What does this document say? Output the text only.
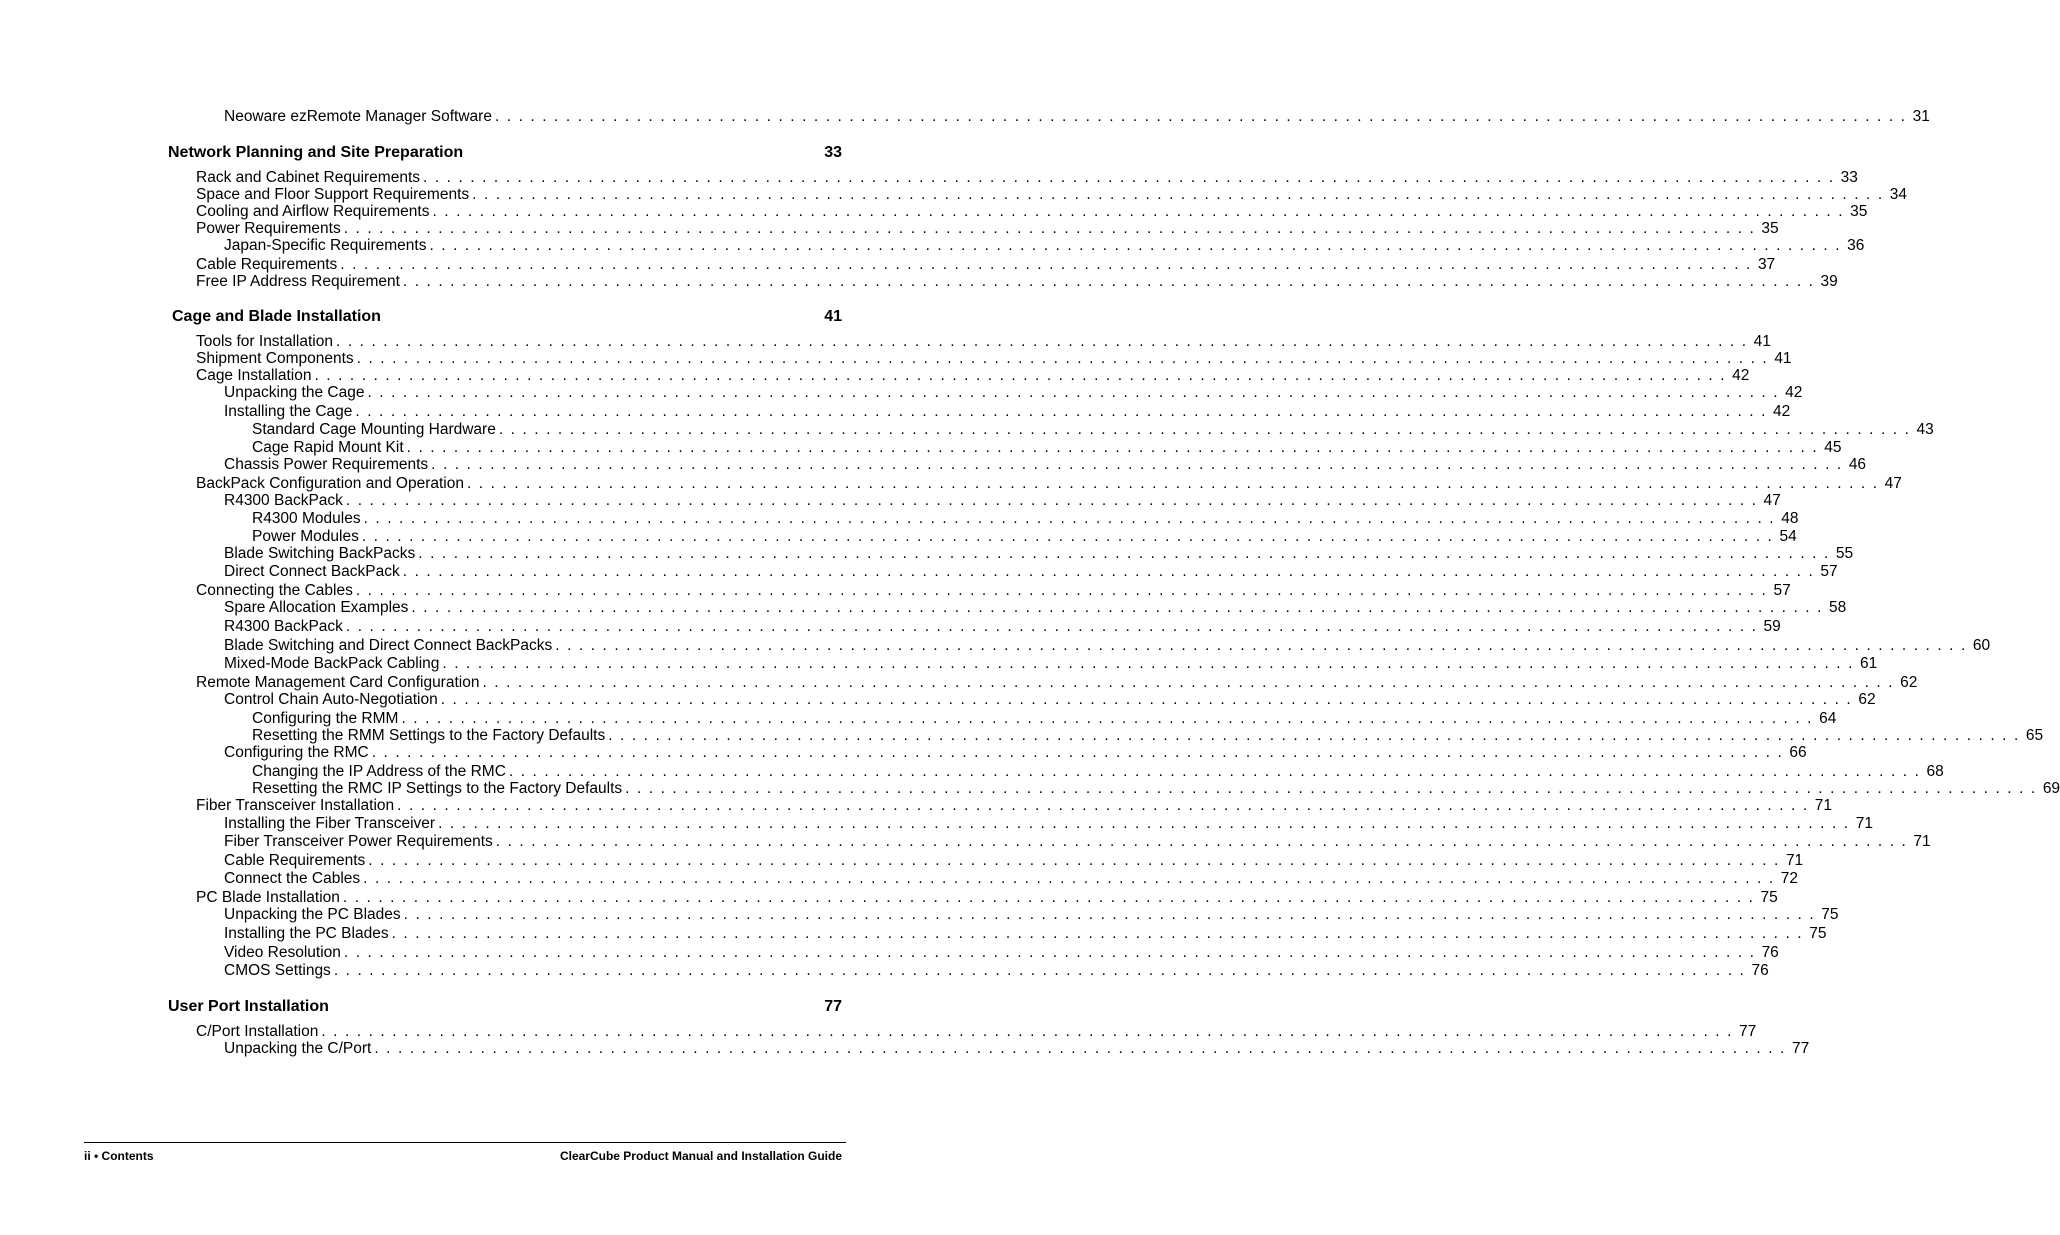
Neoware ezRemote Manager Software . . . . . . . . . . . . . . . . . . . . . . . . . . . . . . . . . . . . . . . . . . . . . . . . . . . . . . . . . . . . . . . . . . . . . . . . . . . . . . . . . . . . . . . . . . . . . . . . . . . . . . . . . . . . . . . . . . . . . . . . 31
Network Planning and Site Preparation	33
Rack and Cabinet Requirements . . . . . . . . . . . . . . . . . . . . . . . . . . . . . . . . . . . . . . . . . . . . . . . . . . . . . . . . . . . . . . . . . . . . . . . . . . . . . . . . . . . . . . . . . . . . . . . . . . . . . . . . . . . . . . . . . . . . . . . . 33
Space and Floor Support Requirements . . . . . . . . . . . . . . . . . . . . . . . . . . . . . . . . . . . . . . . . . . . . . . . . . . . . . . . . . . . . . . . . . . . . . . . . . . . . . . . . . . . . . . . . . . . . . . . . . . . . . . . . . . . . . . . . . . . . . . . . 34
Cooling and Airflow Requirements . . . . . . . . . . . . . . . . . . . . . . . . . . . . . . . . . . . . . . . . . . . . . . . . . . . . . . . . . . . . . . . . . . . . . . . . . . . . . . . . . . . . . . . . . . . . . . . . . . . . . . . . . . . . . . . . . . . . . . . . 35
Power Requirements . . . . . . . . . . . . . . . . . . . . . . . . . . . . . . . . . . . . . . . . . . . . . . . . . . . . . . . . . . . . . . . . . . . . . . . . . . . . . . . . . . . . . . . . . . . . . . . . . . . . . . . . . . . . . . . . . . . . . . . . 35
Japan-Specific Requirements . . . . . . . . . . . . . . . . . . . . . . . . . . . . . . . . . . . . . . . . . . . . . . . . . . . . . . . . . . . . . . . . . . . . . . . . . . . . . . . . . . . . . . . . . . . . . . . . . . . . . . . . . . . . . . . . . . . . . . . . 36
Cable Requirements . . . . . . . . . . . . . . . . . . . . . . . . . . . . . . . . . . . . . . . . . . . . . . . . . . . . . . . . . . . . . . . . . . . . . . . . . . . . . . . . . . . . . . . . . . . . . . . . . . . . . . . . . . . . . . . . . . . . . . . . 37
Free IP Address Requirement . . . . . . . . . . . . . . . . . . . . . . . . . . . . . . . . . . . . . . . . . . . . . . . . . . . . . . . . . . . . . . . . . . . . . . . . . . . . . . . . . . . . . . . . . . . . . . . . . . . . . . . . . . . . . . . . . . . . . . . . 39
Cage and Blade Installation	41
Tools for Installation . . . . . . . . . . . . . . . . . . . . . . . . . . . . . . . . . . . . . . . . . . . . . . . . . . . . . . . . . . . . . . . . . . . . . . . . . . . . . . . . . . . . . . . . . . . . . . . . . . . . . . . . . . . . . . . . . . . . . . . . 41
Shipment Components . . . . . . . . . . . . . . . . . . . . . . . . . . . . . . . . . . . . . . . . . . . . . . . . . . . . . . . . . . . . . . . . . . . . . . . . . . . . . . . . . . . . . . . . . . . . . . . . . . . . . . . . . . . . . . . . . . . . . . . . 41
Cage Installation . . . . . . . . . . . . . . . . . . . . . . . . . . . . . . . . . . . . . . . . . . . . . . . . . . . . . . . . . . . . . . . . . . . . . . . . . . . . . . . . . . . . . . . . . . . . . . . . . . . . . . . . . . . . . . . . . . . . . . . . 42
Unpacking the Cage . . . . . . . . . . . . . . . . . . . . . . . . . . . . . . . . . . . . . . . . . . . . . . . . . . . . . . . . . . . . . . . . . . . . . . . . . . . . . . . . . . . . . . . . . . . . . . . . . . . . . . . . . . . . . . . . . . . . . . . . 42
Installing the Cage . . . . . . . . . . . . . . . . . . . . . . . . . . . . . . . . . . . . . . . . . . . . . . . . . . . . . . . . . . . . . . . . . . . . . . . . . . . . . . . . . . . . . . . . . . . . . . . . . . . . . . . . . . . . . . . . . . . . . . . . 42
Standard Cage Mounting Hardware . . . . . . . . . . . . . . . . . . . . . . . . . . . . . . . . . . . . . . . . . . . . . . . . . . . . . . . . . . . . . . . . . . . . . . . . . . . . . . . . . . . . . . . . . . . . . . . . . . . . . . . . . . . . . . . . . . . . . . . . 43
Cage Rapid Mount Kit . . . . . . . . . . . . . . . . . . . . . . . . . . . . . . . . . . . . . . . . . . . . . . . . . . . . . . . . . . . . . . . . . . . . . . . . . . . . . . . . . . . . . . . . . . . . . . . . . . . . . . . . . . . . . . . . . . . . . . . . 45
Chassis Power Requirements . . . . . . . . . . . . . . . . . . . . . . . . . . . . . . . . . . . . . . . . . . . . . . . . . . . . . . . . . . . . . . . . . . . . . . . . . . . . . . . . . . . . . . . . . . . . . . . . . . . . . . . . . . . . . . . . . . . . . . . . 46
BackPack Configuration and Operation . . . . . . . . . . . . . . . . . . . . . . . . . . . . . . . . . . . . . . . . . . . . . . . . . . . . . . . . . . . . . . . . . . . . . . . . . . . . . . . . . . . . . . . . . . . . . . . . . . . . . . . . . . . . . . . . . . . . . . . . 47
R4300 BackPack . . . . . . . . . . . . . . . . . . . . . . . . . . . . . . . . . . . . . . . . . . . . . . . . . . . . . . . . . . . . . . . . . . . . . . . . . . . . . . . . . . . . . . . . . . . . . . . . . . . . . . . . . . . . . . . . . . . . . . . . 47
R4300 Modules . . . . . . . . . . . . . . . . . . . . . . . . . . . . . . . . . . . . . . . . . . . . . . . . . . . . . . . . . . . . . . . . . . . . . . . . . . . . . . . . . . . . . . . . . . . . . . . . . . . . . . . . . . . . . . . . . . . . . . . . 48
Power Modules . . . . . . . . . . . . . . . . . . . . . . . . . . . . . . . . . . . . . . . . . . . . . . . . . . . . . . . . . . . . . . . . . . . . . . . . . . . . . . . . . . . . . . . . . . . . . . . . . . . . . . . . . . . . . . . . . . . . . . . . 54
Blade Switching BackPacks . . . . . . . . . . . . . . . . . . . . . . . . . . . . . . . . . . . . . . . . . . . . . . . . . . . . . . . . . . . . . . . . . . . . . . . . . . . . . . . . . . . . . . . . . . . . . . . . . . . . . . . . . . . . . . . . . . . . . . . . 55
Direct Connect BackPack . . . . . . . . . . . . . . . . . . . . . . . . . . . . . . . . . . . . . . . . . . . . . . . . . . . . . . . . . . . . . . . . . . . . . . . . . . . . . . . . . . . . . . . . . . . . . . . . . . . . . . . . . . . . . . . . . . . . . . . . 57
Connecting the Cables . . . . . . . . . . . . . . . . . . . . . . . . . . . . . . . . . . . . . . . . . . . . . . . . . . . . . . . . . . . . . . . . . . . . . . . . . . . . . . . . . . . . . . . . . . . . . . . . . . . . . . . . . . . . . . . . . . . . . . . . 57
Spare Allocation Examples . . . . . . . . . . . . . . . . . . . . . . . . . . . . . . . . . . . . . . . . . . . . . . . . . . . . . . . . . . . . . . . . . . . . . . . . . . . . . . . . . . . . . . . . . . . . . . . . . . . . . . . . . . . . . . . . . . . . . . . . 58
R4300 BackPack . . . . . . . . . . . . . . . . . . . . . . . . . . . . . . . . . . . . . . . . . . . . . . . . . . . . . . . . . . . . . . . . . . . . . . . . . . . . . . . . . . . . . . . . . . . . . . . . . . . . . . . . . . . . . . . . . . . . . . . . 59
Blade Switching and Direct Connect BackPacks . . . . . . . . . . . . . . . . . . . . . . . . . . . . . . . . . . . . . . . . . . . . . . . . . . . . . . . . . . . . . . . . . . . . . . . . . . . . . . . . . . . . . . . . . . . . . . . . . . . . . . . . . . . . . . . . . . . . . . . . 60
Mixed-Mode BackPack Cabling . . . . . . . . . . . . . . . . . . . . . . . . . . . . . . . . . . . . . . . . . . . . . . . . . . . . . . . . . . . . . . . . . . . . . . . . . . . . . . . . . . . . . . . . . . . . . . . . . . . . . . . . . . . . . . . . . . . . . . . . 61
Remote Management Card Configuration . . . . . . . . . . . . . . . . . . . . . . . . . . . . . . . . . . . . . . . . . . . . . . . . . . . . . . . . . . . . . . . . . . . . . . . . . . . . . . . . . . . . . . . . . . . . . . . . . . . . . . . . . . . . . . . . . . . . . . . . 62
Control Chain Auto-Negotiation . . . . . . . . . . . . . . . . . . . . . . . . . . . . . . . . . . . . . . . . . . . . . . . . . . . . . . . . . . . . . . . . . . . . . . . . . . . . . . . . . . . . . . . . . . . . . . . . . . . . . . . . . . . . . . . . . . . . . . . . 62
Configuring the RMM . . . . . . . . . . . . . . . . . . . . . . . . . . . . . . . . . . . . . . . . . . . . . . . . . . . . . . . . . . . . . . . . . . . . . . . . . . . . . . . . . . . . . . . . . . . . . . . . . . . . . . . . . . . . . . . . . . . . . . . . 64
Resetting the RMM Settings to the Factory Defaults . . . . . . . . . . . . . . . . . . . . . . . . . . . . . . . . . . . . . . . . . . . . . . . . . . . . . . . . . . . . . . . . . . . . . . . . . . . . . . . . . . . . . . . . . . . . . . . . . . . . . . . . . . . . . . . . . . . . . . . . 65
Configuring the RMC . . . . . . . . . . . . . . . . . . . . . . . . . . . . . . . . . . . . . . . . . . . . . . . . . . . . . . . . . . . . . . . . . . . . . . . . . . . . . . . . . . . . . . . . . . . . . . . . . . . . . . . . . . . . . . . . . . . . . . . . 66
Changing the IP Address of the RMC . . . . . . . . . . . . . . . . . . . . . . . . . . . . . . . . . . . . . . . . . . . . . . . . . . . . . . . . . . . . . . . . . . . . . . . . . . . . . . . . . . . . . . . . . . . . . . . . . . . . . . . . . . . . . . . . . . . . . . . . 68
Resetting the RMC IP Settings to the Factory Defaults . . . . . . . . . . . . . . . . . . . . . . . . . . . . . . . . . . . . . . . . . . . . . . . . . . . . . . . . . . . . . . . . . . . . . . . . . . . . . . . . . . . . . . . . . . . . . . . . . . . . . . . . . . . . . . . . . . . . . . . . 69
Fiber Transceiver Installation . . . . . . . . . . . . . . . . . . . . . . . . . . . . . . . . . . . . . . . . . . . . . . . . . . . . . . . . . . . . . . . . . . . . . . . . . . . . . . . . . . . . . . . . . . . . . . . . . . . . . . . . . . . . . . . . . . . . . . . . 71
Installing the Fiber Transceiver . . . . . . . . . . . . . . . . . . . . . . . . . . . . . . . . . . . . . . . . . . . . . . . . . . . . . . . . . . . . . . . . . . . . . . . . . . . . . . . . . . . . . . . . . . . . . . . . . . . . . . . . . . . . . . . . . . . . . . . . 71
Fiber Transceiver Power Requirements . . . . . . . . . . . . . . . . . . . . . . . . . . . . . . . . . . . . . . . . . . . . . . . . . . . . . . . . . . . . . . . . . . . . . . . . . . . . . . . . . . . . . . . . . . . . . . . . . . . . . . . . . . . . . . . . . . . . . . . . 71
Cable Requirements . . . . . . . . . . . . . . . . . . . . . . . . . . . . . . . . . . . . . . . . . . . . . . . . . . . . . . . . . . . . . . . . . . . . . . . . . . . . . . . . . . . . . . . . . . . . . . . . . . . . . . . . . . . . . . . . . . . . . . . . 71
Connect the Cables . . . . . . . . . . . . . . . . . . . . . . . . . . . . . . . . . . . . . . . . . . . . . . . . . . . . . . . . . . . . . . . . . . . . . . . . . . . . . . . . . . . . . . . . . . . . . . . . . . . . . . . . . . . . . . . . . . . . . . . . 72
PC Blade Installation . . . . . . . . . . . . . . . . . . . . . . . . . . . . . . . . . . . . . . . . . . . . . . . . . . . . . . . . . . . . . . . . . . . . . . . . . . . . . . . . . . . . . . . . . . . . . . . . . . . . . . . . . . . . . . . . . . . . . . . . 75
Unpacking the PC Blades . . . . . . . . . . . . . . . . . . . . . . . . . . . . . . . . . . . . . . . . . . . . . . . . . . . . . . . . . . . . . . . . . . . . . . . . . . . . . . . . . . . . . . . . . . . . . . . . . . . . . . . . . . . . . . . . . . . . . . . . 75
Installing the PC Blades . . . . . . . . . . . . . . . . . . . . . . . . . . . . . . . . . . . . . . . . . . . . . . . . . . . . . . . . . . . . . . . . . . . . . . . . . . . . . . . . . . . . . . . . . . . . . . . . . . . . . . . . . . . . . . . . . . . . . . . . 75
Video Resolution . . . . . . . . . . . . . . . . . . . . . . . . . . . . . . . . . . . . . . . . . . . . . . . . . . . . . . . . . . . . . . . . . . . . . . . . . . . . . . . . . . . . . . . . . . . . . . . . . . . . . . . . . . . . . . . . . . . . . . . . 76
CMOS Settings . . . . . . . . . . . . . . . . . . . . . . . . . . . . . . . . . . . . . . . . . . . . . . . . . . . . . . . . . . . . . . . . . . . . . . . . . . . . . . . . . . . . . . . . . . . . . . . . . . . . . . . . . . . . . . . . . . . . . . . . 76
User Port Installation	77
C/Port Installation . . . . . . . . . . . . . . . . . . . . . . . . . . . . . . . . . . . . . . . . . . . . . . . . . . . . . . . . . . . . . . . . . . . . . . . . . . . . . . . . . . . . . . . . . . . . . . . . . . . . . . . . . . . . . . . . . . . . . . . . 77
Unpacking the C/Port . . . . . . . . . . . . . . . . . . . . . . . . . . . . . . . . . . . . . . . . . . . . . . . . . . . . . . . . . . . . . . . . . . . . . . . . . . . . . . . . . . . . . . . . . . . . . . . . . . . . . . . . . . . . . . . . . . . . . . . . 77
ii • Contents	ClearCube Product Manual and Installation Guide
